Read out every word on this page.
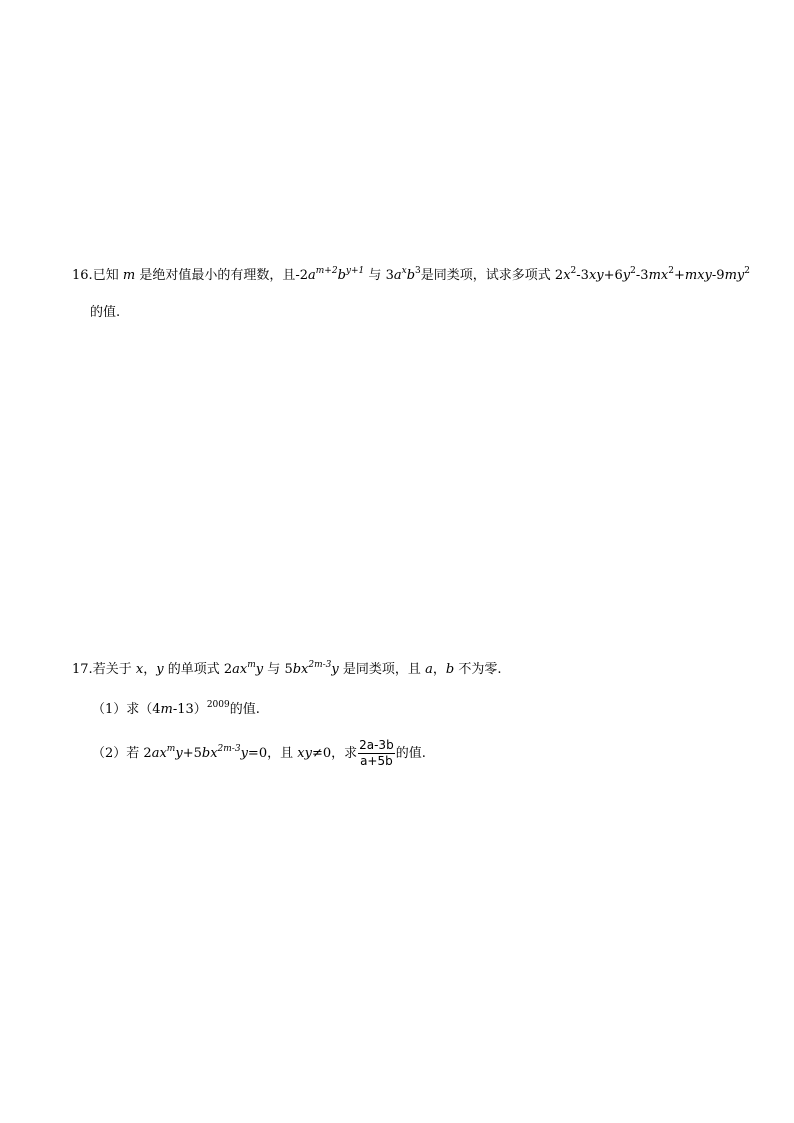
16.已知 m 是绝对值最小的有理数，且$-2a^{m+2}b^{y+1}$ 与 $3a^xb^3$是同类项，试求多项式 $2x^2-3xy+6y^2-3mx^2+mxy-9my^2$
的值.
17.若关于 x，y 的单项式 $2ax^my$ 与 $5bx^{2m-3}y$ 是同类项，且 a，b 不为零.
（1）求$(4m-13)^{2009}$的值.
（2）若 $2ax^my+5bx^{2m-3}y=0$，且 xy≠0，求 $\frac{2a-3b}{a+5b}$ 的值.
